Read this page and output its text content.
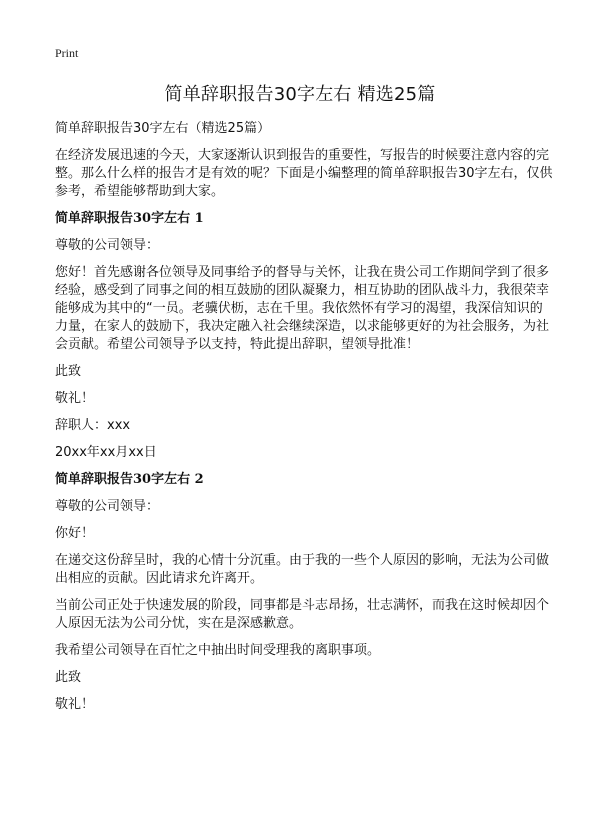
Print
简单辞职报告30字左右 精选25篇

简单辞职报告30字左右（精选25篇）

在经济发展迅速的今天，大家逐渐认识到报告的重要性，写报告的时候要注意内容的完整。那么什么样的报告才是有效的呢？下面是小编整理的简单辞职报告30字左右，仅供参考，希望能够帮助到大家。

简单辞职报告30字左右 1

尊敬的公司领导：

您好！首先感谢各位领导及同事给予的督导与关怀，让我在贵公司工作期间学到了很多经验，感受到了同事之间的相互鼓励的团队凝聚力，相互协助的团队战斗力，我很荣幸能够成为其中的“一员。老骥伏枥，志在千里。我依然怀有学习的渴望，我深信知识的力量，在家人的鼓励下，我决定融入社会继续深造，以求能够更好的为社会服务，为社会贡献。希望公司领导予以支持，特此提出辞职，望领导批准！

此致

敬礼！

辞职人：xxx

20xx年xx月xx日

简单辞职报告30字左右 2

尊敬的公司领导：

你好！

在递交这份辞呈时，我的心情十分沉重。由于我的一些个人原因的影响，无法为公司做出相应的贡献。因此请求允许离开。

当前公司正处于快速发展的阶段，同事都是斗志昂扬，壮志满怀，而我在这时候却因个人原因无法为公司分忧，实在是深感歉意。

我希望公司领导在百忙之中抽出时间受理我的离职事项。

此致

敬礼！
